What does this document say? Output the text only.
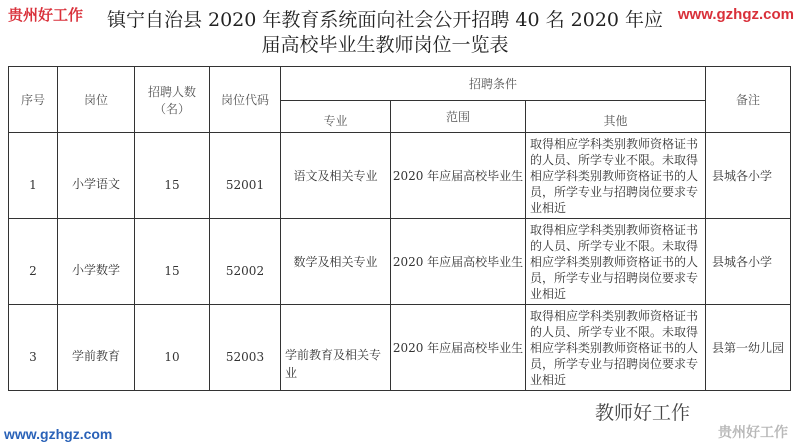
贵州好工作	www.gzhgz.com
镇宁自治县 2020 年教育系统面向社会公开招聘 40 名 2020 年应届高校毕业生教师岗位一览表
序号	岗位	招聘人数（名）	岗位代码	招聘条件			备注
				专业	范围	其他	
1	小学语文	15	52001	语文及相关专业	2020 年应届高校毕业生	取得相应学科类别教师资格证书的人员、所学专业不限。未取得相应学科类别教师资格证书的人员，所学专业与招聘岗位要求专业相近	县城各小学
2	小学数学	15	52002	数学及相关专业	2020 年应届高校毕业生	取得相应学科类别教师资格证书的人员、所学专业不限。未取得相应学科类别教师资格证书的人员，所学专业与招聘岗位要求专业相近	县城各小学
3	学前教育	10	52003	学前教育及相关专业	2020 年应届高校毕业生	取得相应学科类别教师资格证书的人员、所学专业不限。未取得相应学科类别教师资格证书的人员，所学专业与招聘岗位要求专业相近	县第一幼儿园
教师好工作
www.gzhgz.com	贵州好工作
